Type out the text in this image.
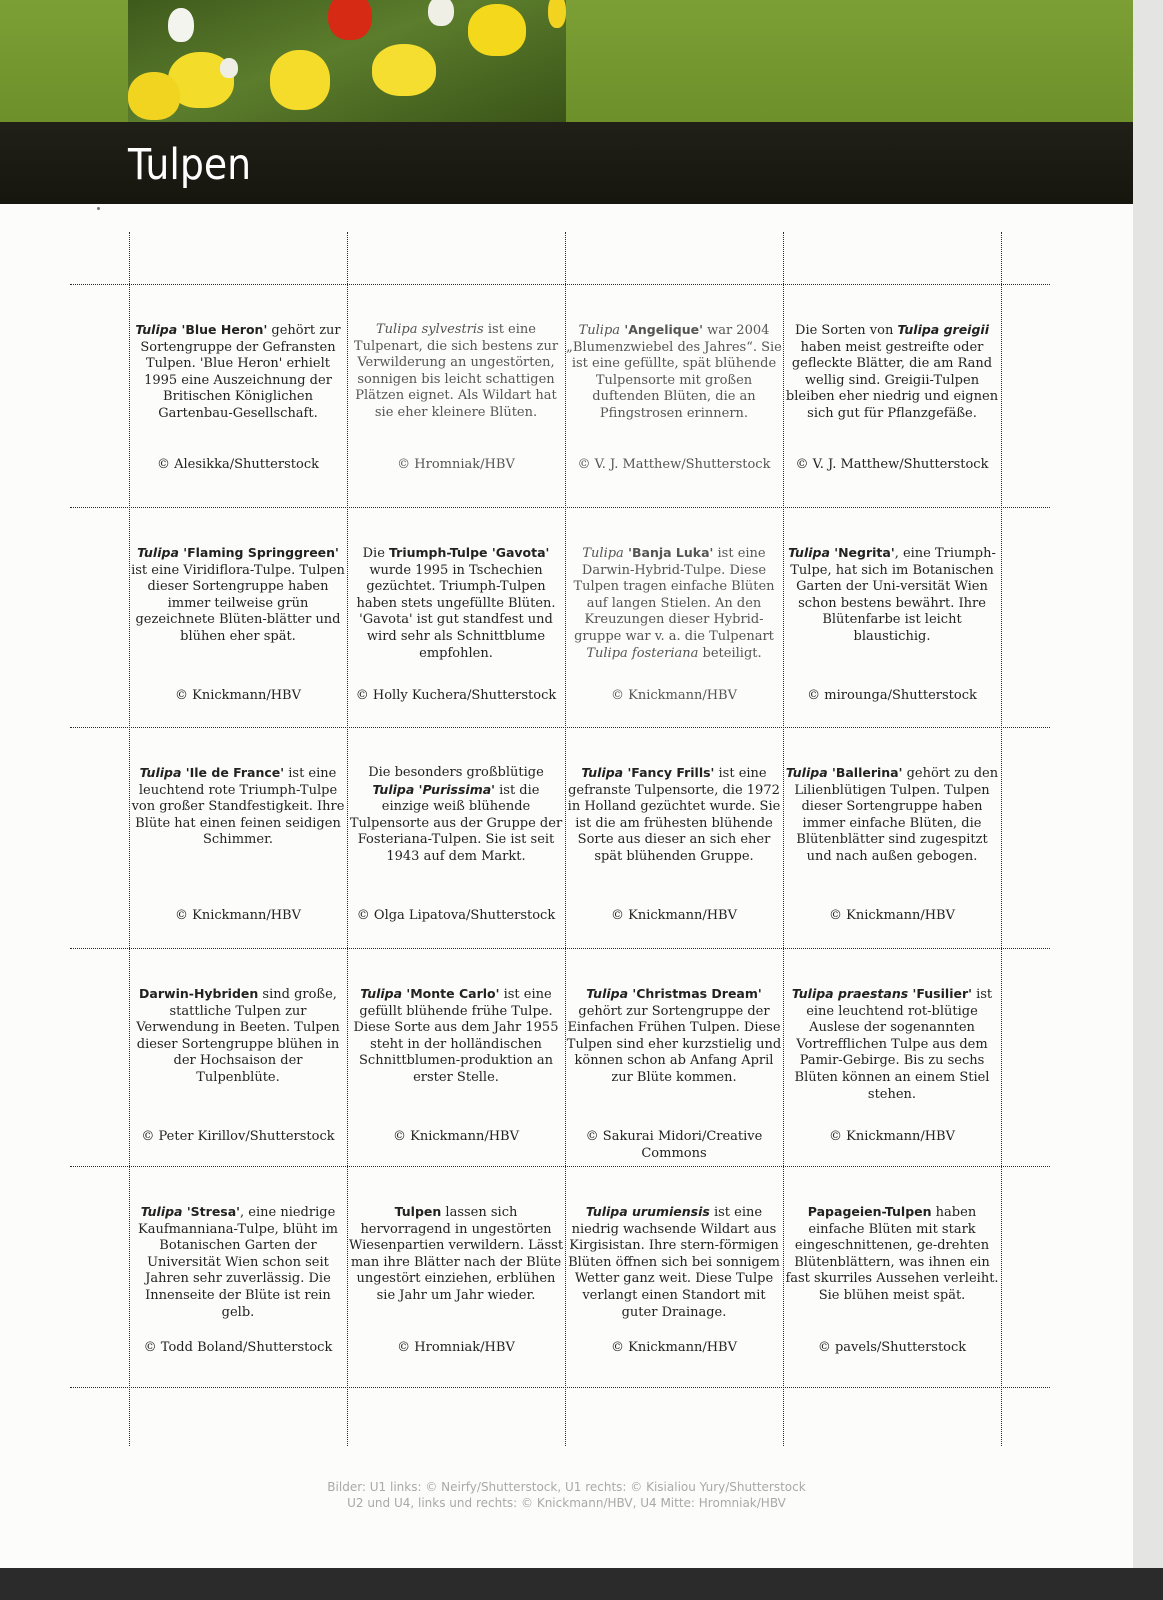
Tulpen
Tulipa 'Blue Heron' gehört zur Sortengruppe der Gefransten Tulpen. 'Blue Heron' erhielt 1995 eine Auszeichnung der Britischen Königlichen Gartenbau-Gesellschaft.
© Alesikka/Shutterstock
Tulipa sylvestris ist eine Tulpenart, die sich bestens zur Verwilderung an ungestörten, sonnigen bis leicht schattigen Plätzen eignet. Als Wildart hat sie eher kleinere Blüten.
© Hromniak/HBV
Tulipa 'Angelique' war 2004 „Blumenzwiebel des Jahres“. Sie ist eine gefüllte, spät blühende Tulpensorte mit großen duftenden Blüten, die an Pfingstrosen erinnern.
© V. J. Matthew/Shutterstock
Die Sorten von Tulipa greigii haben meist gestreifte oder gefleckte Blätter, die am Rand wellig sind. Greigii-Tulpen bleiben eher niedrig und eignen sich gut für Pflanzgefäße.
© V. J. Matthew/Shutterstock
Tulipa 'Flaming Springgreen' ist eine Viridiflora-Tulpe. Tulpen dieser Sortengruppe haben immer teilweise grün gezeichnete Blüten-blätter und blühen eher spät.
© Knickmann/HBV
Die Triumph-Tulpe 'Gavota' wurde 1995 in Tschechien gezüchtet. Triumph-Tulpen haben stets ungefüllte Blüten. 'Gavota' ist gut standfest und wird sehr als Schnittblume empfohlen.
© Holly Kuchera/Shutterstock
Tulipa 'Banja Luka' ist eine Darwin-Hybrid-Tulpe. Diese Tulpen tragen einfache Blüten auf langen Stielen. An den Kreuzungen dieser Hybrid-gruppe war v. a. die Tulpenart Tulipa fosteriana beteiligt.
© Knickmann/HBV
Tulipa 'Negrita', eine Triumph-Tulpe, hat sich im Botanischen Garten der Uni-versität Wien schon bestens bewährt. Ihre Blütenfarbe ist leicht blaustichig.
© mirounga/Shutterstock
Tulipa 'Ile de France' ist eine leuchtend rote Triumph-Tulpe von großer Standfestigkeit. Ihre Blüte hat einen feinen seidigen Schimmer.
© Knickmann/HBV
Die besonders großblütige Tulipa 'Purissima' ist die einzige weiß blühende Tulpensorte aus der Gruppe der Fosteriana-Tulpen. Sie ist seit 1943 auf dem Markt.
© Olga Lipatova/Shutterstock
Tulipa 'Fancy Frills' ist eine gefranste Tulpensorte, die 1972 in Holland gezüchtet wurde. Sie ist die am frühesten blühende Sorte aus dieser an sich eher spät blühenden Gruppe.
© Knickmann/HBV
Tulipa 'Ballerina' gehört zu den Lilienblütigen Tulpen. Tulpen dieser Sortengruppe haben immer einfache Blüten, die Blütenblätter sind zugespitzt und nach außen gebogen.
© Knickmann/HBV
Darwin-Hybriden sind große, stattliche Tulpen zur Verwendung in Beeten. Tulpen dieser Sortengruppe blühen in der Hochsaison der Tulpenblüte.
© Peter Kirillov/Shutterstock
Tulipa 'Monte Carlo' ist eine gefüllt blühende frühe Tulpe. Diese Sorte aus dem Jahr 1955 steht in der holländischen Schnittblumen-produktion an erster Stelle.
© Knickmann/HBV
Tulipa 'Christmas Dream' gehört zur Sortengruppe der Einfachen Frühen Tulpen. Diese Tulpen sind eher kurzstielig und können schon ab Anfang April zur Blüte kommen.
© Sakurai Midori/Creative Commons
Tulipa praestans 'Fusilier' ist eine leuchtend rot-blütige Auslese der sogenannten Vortrefflichen Tulpe aus dem Pamir-Gebirge. Bis zu sechs Blüten können an einem Stiel stehen.
© Knickmann/HBV
Tulipa 'Stresa', eine niedrige Kaufmanniana-Tulpe, blüht im Botanischen Garten der Universität Wien schon seit Jahren sehr zuverlässig. Die Innenseite der Blüte ist rein gelb.
© Todd Boland/Shutterstock
Tulpen lassen sich hervorragend in ungestörten Wiesenpartien verwildern. Lässt man ihre Blätter nach der Blüte ungestört einziehen, erblühen sie Jahr um Jahr wieder.
© Hromniak/HBV
Tulipa urumiensis ist eine niedrig wachsende Wildart aus Kirgisistan. Ihre stern-förmigen Blüten öffnen sich bei sonnigem Wetter ganz weit. Diese Tulpe verlangt einen Standort mit guter Drainage.
© Knickmann/HBV
Papageien-Tulpen haben einfache Blüten mit stark eingeschnittenen, ge-drehten Blütenblättern, was ihnen ein fast skurriles Aussehen verleiht. Sie blühen meist spät.
© pavels/Shutterstock
Bilder: U1 links: © Neirfy/Shutterstock, U1 rechts: © Kisialiou Yury/Shutterstock
U2 und U4, links und rechts: © Knickmann/HBV, U4 Mitte: Hromniak/HBV
